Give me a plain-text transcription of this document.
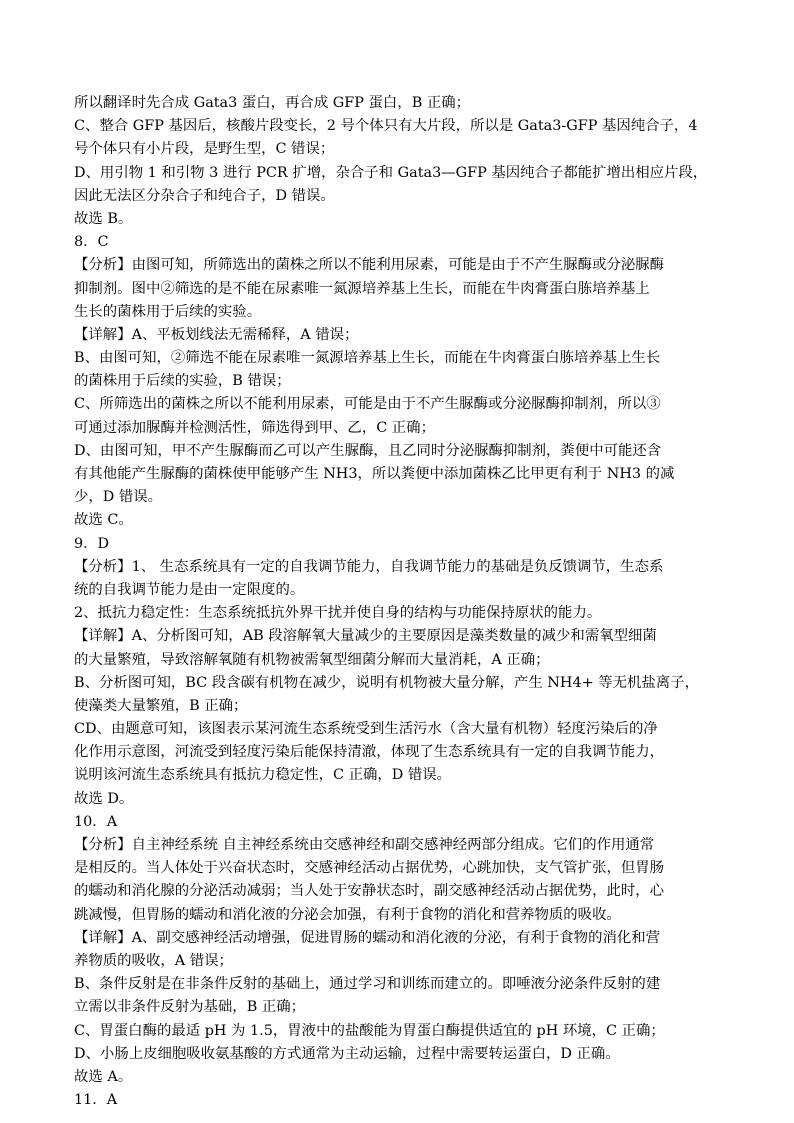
所以翻译时先合成 Gata3 蛋白，再合成 GFP 蛋白，B 正确；
C、整合 GFP 基因后，核酸片段变长，2 号个体只有大片段，所以是 Gata3-GFP 基因纯合子，4
号个体只有小片段，是野生型，C 错误；
D、用引物 1 和引物 3 进行 PCR 扩增，杂合子和 Gata3—GFP 基因纯合子都能扩增出相应片段，
因此无法区分杂合子和纯合子，D 错误。
故选 B。
8．C
【分析】由图可知，所筛选出的菌株之所以不能利用尿素，可能是由于不产生脲酶或分泌脲酶
抑制剂。图中②筛选的是不能在尿素唯一氮源培养基上生长，而能在牛肉膏蛋白胨培养基上
生长的菌株用于后续的实验。
【详解】A、平板划线法无需稀释，A 错误；
B、由图可知，②筛选不能在尿素唯一氮源培养基上生长，而能在牛肉膏蛋白胨培养基上生长
的菌株用于后续的实验，B 错误；
C、所筛选出的菌株之所以不能利用尿素，可能是由于不产生脲酶或分泌脲酶抑制剂，所以③
可通过添加脲酶并检测活性，筛选得到甲、乙，C 正确；
D、由图可知，甲不产生脲酶而乙可以产生脲酶，且乙同时分泌脲酶抑制剂，粪便中可能还含
有其他能产生脲酶的菌株使甲能够产生 NH3，所以粪便中添加菌株乙比甲更有利于 NH3 的减
少，D 错误。
故选 C。
9．D
【分析】1、 生态系统具有一定的自我调节能力，自我调节能力的基础是负反馈调节，生态系
统的自我调节能力是由一定限度的。
2、抵抗力稳定性：生态系统抵抗外界干扰并使自身的结构与功能保持原状的能力。
【详解】A、分析图可知，AB 段溶解氧大量减少的主要原因是藻类数量的减少和需氧型细菌
的大量繁殖，导致溶解氧随有机物被需氧型细菌分解而大量消耗，A 正确；
B、分析图可知，BC 段含碳有机物在减少，说明有机物被大量分解，产生 NH4+ 等无机盐离子，
使藻类大量繁殖，B 正确；
CD、由题意可知，该图表示某河流生态系统受到生活污水（含大量有机物）轻度污染后的净
化作用示意图，河流受到轻度污染后能保持清澈，体现了生态系统具有一定的自我调节能力，
说明该河流生态系统具有抵抗力稳定性，C 正确，D 错误。
故选 D。
10．A
【分析】自主神经系统 自主神经系统由交感神经和副交感神经两部分组成。它们的作用通常
是相反的。当人体处于兴奋状态时，交感神经活动占据优势，心跳加快，支气管扩张，但胃肠
的蠕动和消化腺的分泌活动减弱；当人处于安静状态时，副交感神经活动占据优势，此时，心
跳减慢，但胃肠的蠕动和消化液的分泌会加强，有利于食物的消化和营养物质的吸收。
【详解】A、副交感神经活动增强，促进胃肠的蠕动和消化液的分泌，有利于食物的消化和营
养物质的吸收，A 错误；
B、条件反射是在非条件反射的基础上，通过学习和训练而建立的。即唾液分泌条件反射的建
立需以非条件反射为基础，B 正确；
C、胃蛋白酶的最适 pH 为 1.5，胃液中的盐酸能为胃蛋白酶提供适宜的 pH 环境，C 正确；
D、小肠上皮细胞吸收氨基酸的方式通常为主动运输，过程中需要转运蛋白，D 正确。
故选 A。
11．A
